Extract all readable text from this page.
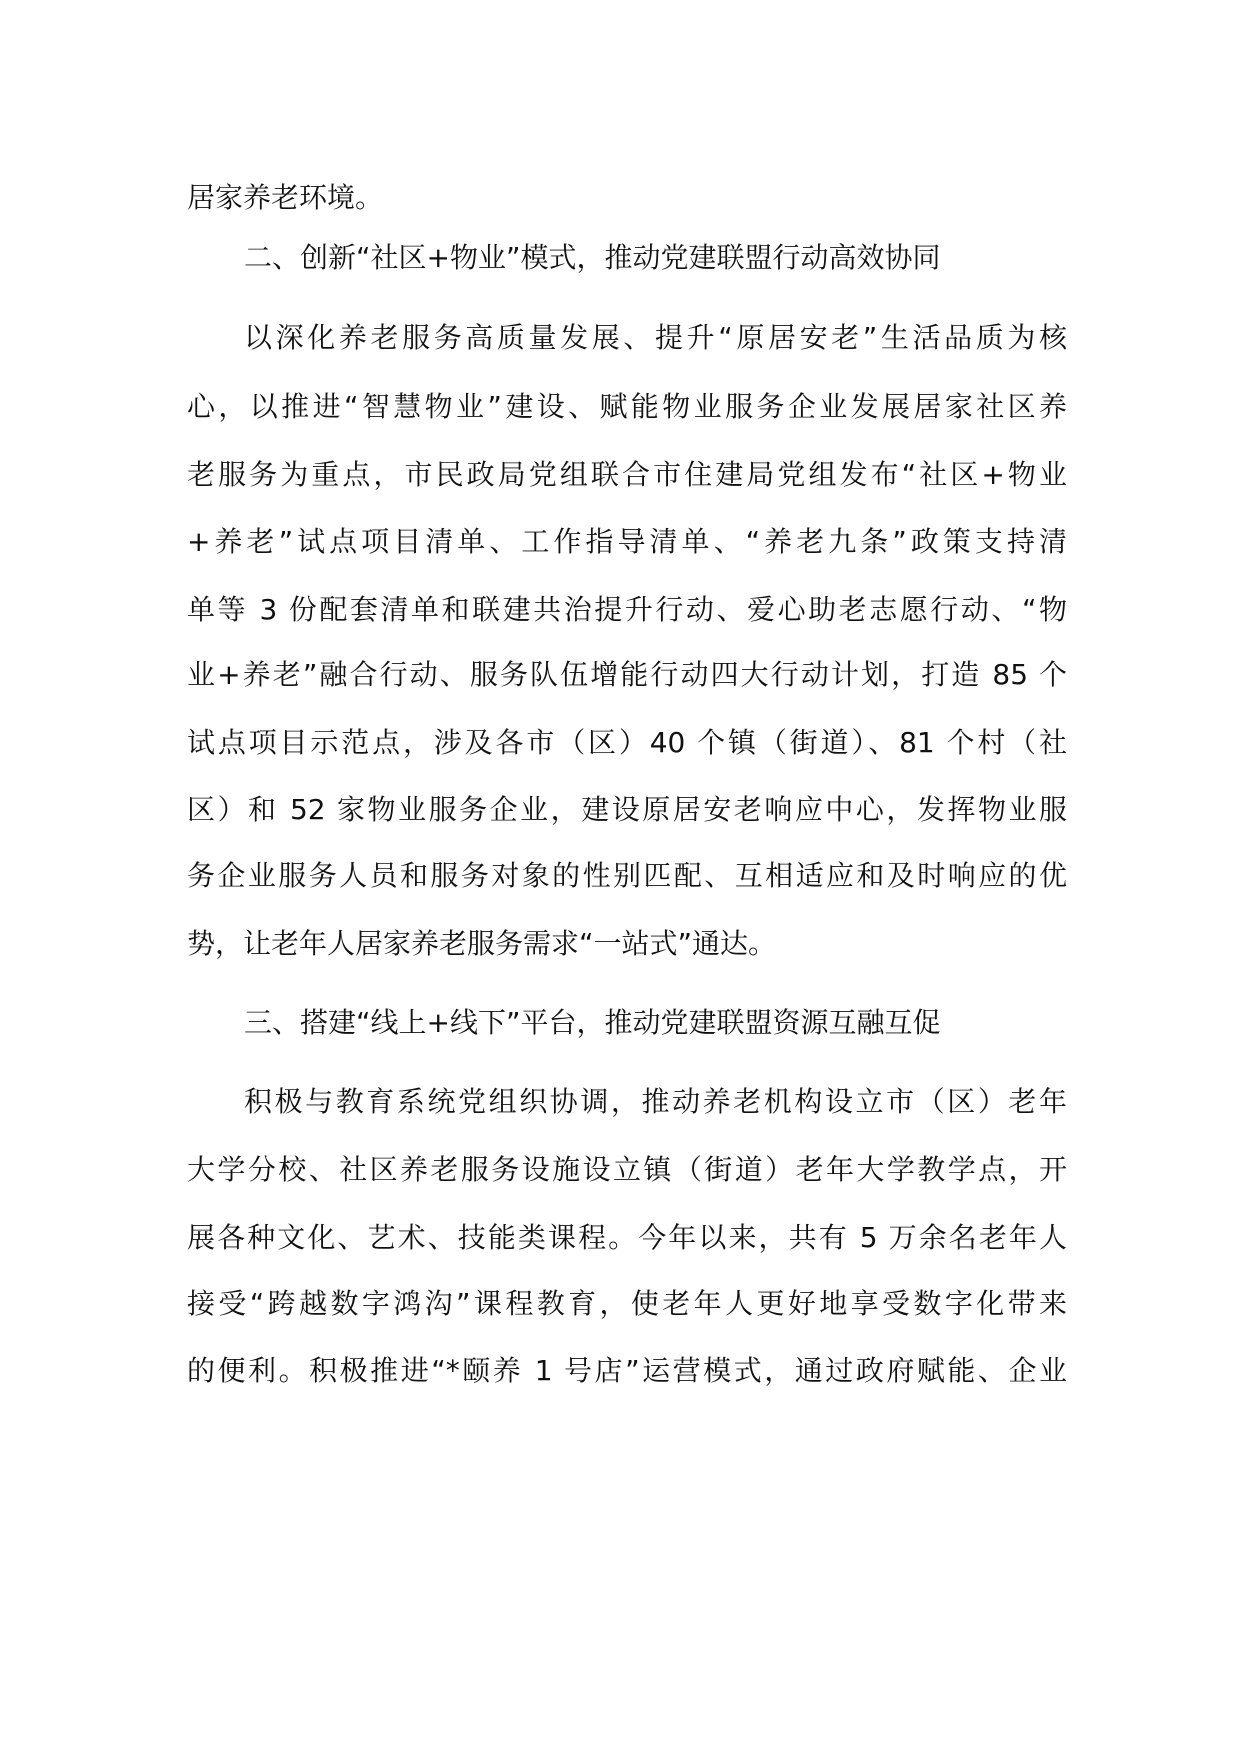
居家养老环境。
二、创新“社区+物业”模式，推动党建联盟行动高效协同
以深化养老服务高质量发展、提升“原居安老”生活品质为核
心，以推进“智慧物业”建设、赋能物业服务企业发展居家社区养
老服务为重点，市民政局党组联合市住建局党组发布“社区+物业
+养老”试点项目清单、工作指导清单、“养老九条”政策支持清
单等 3 份配套清单和联建共治提升行动、爱心助老志愿行动、“物
业+养老”融合行动、服务队伍增能行动四大行动计划，打造 85 个
试点项目示范点，涉及各市（区）40 个镇（街道）、81 个村（社
区）和 52 家物业服务企业，建设原居安老响应中心，发挥物业服
务企业服务人员和服务对象的性别匹配、互相适应和及时响应的优
势，让老年人居家养老服务需求“一站式”通达。
三、搭建“线上+线下”平台，推动党建联盟资源互融互促
积极与教育系统党组织协调，推动养老机构设立市（区）老年
大学分校、社区养老服务设施设立镇（街道）老年大学教学点，开
展各种文化、艺术、技能类课程。今年以来，共有 5 万余名老年人
接受“跨越数字鸿沟”课程教育，使老年人更好地享受数字化带来
的便利。积极推进“*颐养 1 号店”运营模式，通过政府赋能、企业
